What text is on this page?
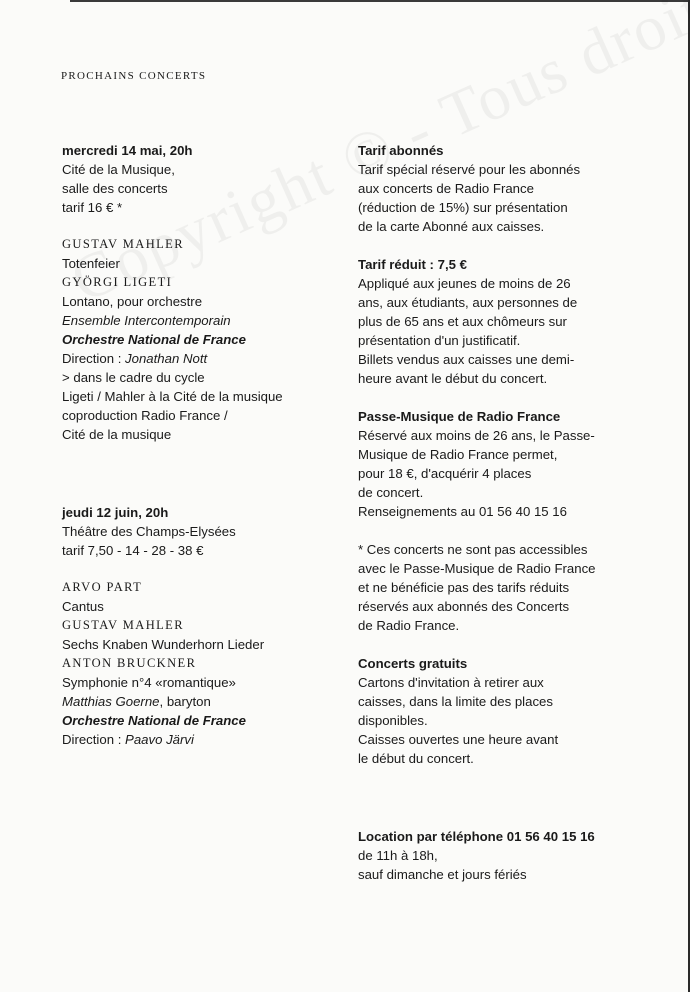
PROCHAINS CONCERTS
mercredi 14 mai, 20h
Cité de la Musique,
salle des concerts
tarif 16 € *
GUSTAV MAHLER
Totenfeier
GYÖRGI LIGETI
Lontano, pour orchestre
Ensemble Intercontemporain
Orchestre National de France
Direction : Jonathan Nott
> dans le cadre du cycle
Ligeti / Mahler à la Cité de la musique
coproduction Radio France /
Cité de la musique
jeudi 12 juin, 20h
Théâtre des Champs-Elysées
tarif 7,50 - 14 - 28 - 38 €
ARVO PART
Cantus
GUSTAV MAHLER
Sechs Knaben Wunderhorn Lieder
ANTON BRUCKNER
Symphonie n°4 «romantique»
Matthias Goerne, baryton
Orchestre National de France
Direction : Paavo Järvi
Tarif abonnés
Tarif spécial réservé pour les abonnés
aux concerts de Radio France
(réduction de 15%) sur présentation
de la carte Abonné aux caisses.
Tarif réduit : 7,5 €
Appliqué aux jeunes de moins de 26
ans, aux étudiants, aux personnes de
plus de 65 ans et aux chômeurs sur
présentation d'un justificatif.
Billets vendus aux caisses une demi-
heure avant le début du concert.
Passe-Musique de Radio France
Réservé aux moins de 26 ans, le Passe-
Musique de Radio France permet,
pour 18 €, d'acquérir 4 places
de concert.
Renseignements au 01 56 40 15 16
* Ces concerts ne sont pas accessibles
avec le Passe-Musique de Radio France
et ne bénéficie pas des tarifs réduits
réservés aux abonnés des Concerts
de Radio France.
Concerts gratuits
Cartons d'invitation à retirer aux
caisses, dans la limite des places
disponibles.
Caisses ouvertes une heure avant
le début du concert.
Location par téléphone 01 56 40 15 16
de 11h à 18h,
sauf dimanche et jours fériés
